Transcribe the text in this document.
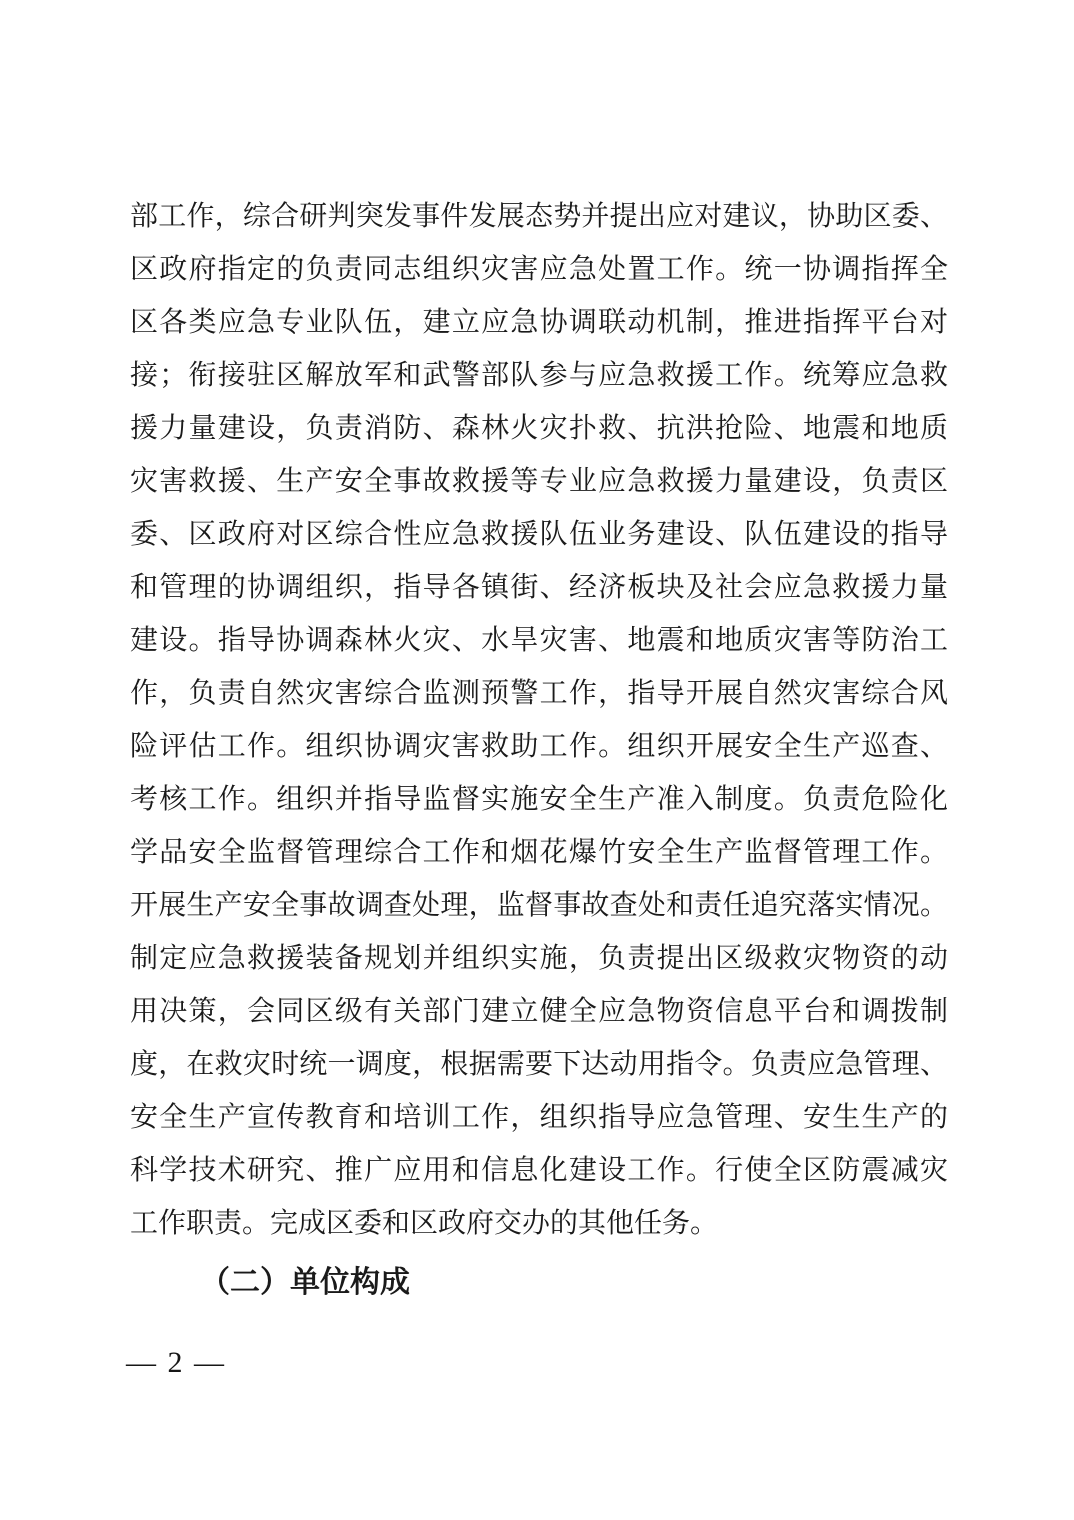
部工作，综合研判突发事件发展态势并提出应对建议，协助区委、
区政府指定的负责同志组织灾害应急处置工作。统一协调指挥全
区各类应急专业队伍，建立应急协调联动机制，推进指挥平台对
接；衔接驻区解放军和武警部队参与应急救援工作。统筹应急救
援力量建设，负责消防、森林火灾扑救、抗洪抢险、地震和地质
灾害救援、生产安全事故救援等专业应急救援力量建设，负责区
委、区政府对区综合性应急救援队伍业务建设、队伍建设的指导
和管理的协调组织，指导各镇街、经济板块及社会应急救援力量
建设。指导协调森林火灾、水旱灾害、地震和地质灾害等防治工
作，负责自然灾害综合监测预警工作，指导开展自然灾害综合风
险评估工作。组织协调灾害救助工作。组织开展安全生产巡查、
考核工作。组织并指导监督实施安全生产准入制度。负责危险化
学品安全监督管理综合工作和烟花爆竹安全生产监督管理工作。
开展生产安全事故调查处理，监督事故查处和责任追究落实情况。
制定应急救援装备规划并组织实施，负责提出区级救灾物资的动
用决策，会同区级有关部门建立健全应急物资信息平台和调拨制
度，在救灾时统一调度，根据需要下达动用指令。负责应急管理、
安全生产宣传教育和培训工作，组织指导应急管理、安生生产的
科学技术研究、推广应用和信息化建设工作。行使全区防震减灾
工作职责。完成区委和区政府交办的其他任务。
（二）单位构成
— 2 —
